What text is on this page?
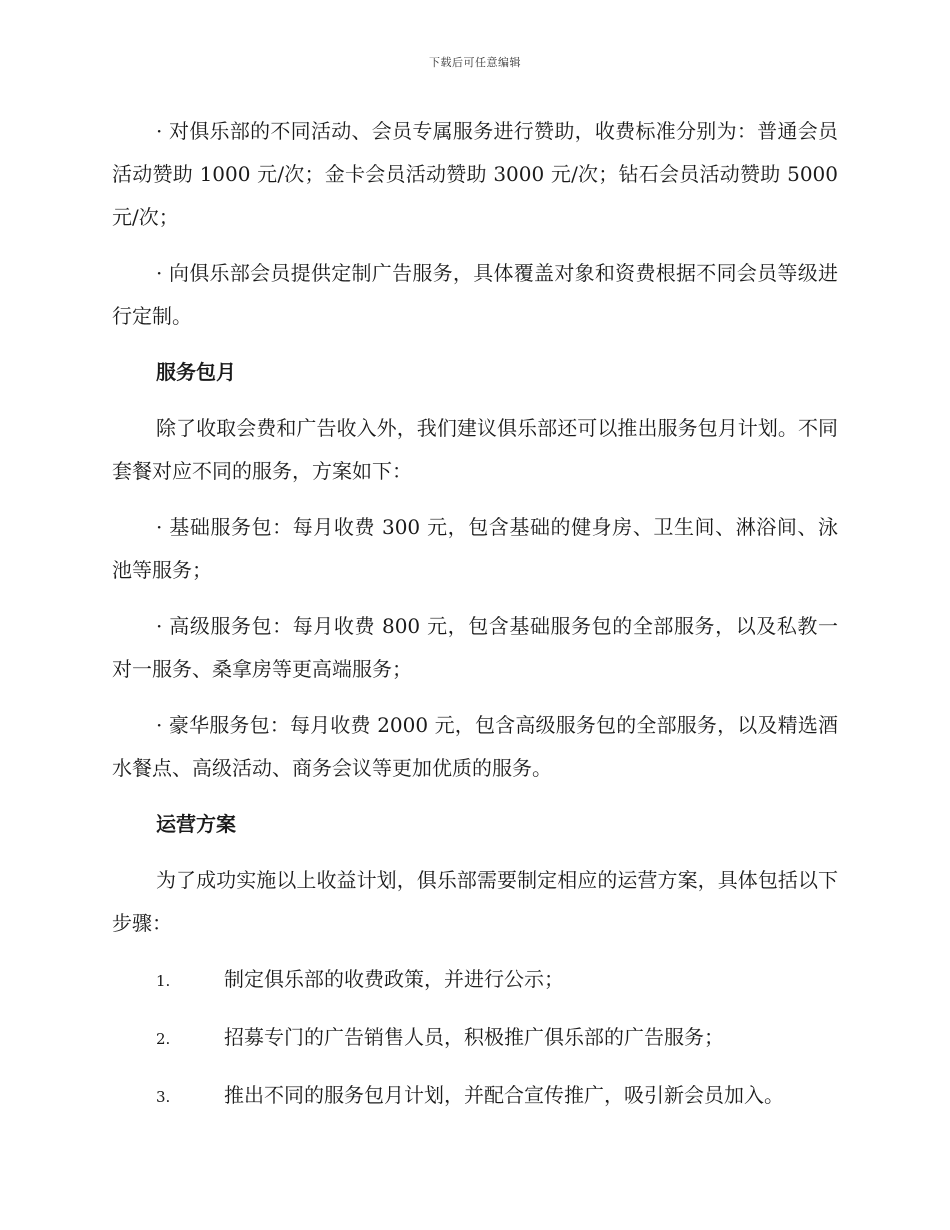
下载后可任意编辑

· 对俱乐部的不同活动、会员专属服务进行赞助，收费标准分别为：普通会员活动赞助 1000 元/次；金卡会员活动赞助 3000 元/次；钻石会员活动赞助 5000 元/次；

· 向俱乐部会员提供定制广告服务，具体覆盖对象和资费根据不同会员等级进行定制。

服务包月

除了收取会费和广告收入外，我们建议俱乐部还可以推出服务包月计划。不同套餐对应不同的服务，方案如下：

· 基础服务包：每月收费 300 元，包含基础的健身房、卫生间、淋浴间、泳池等服务；

· 高级服务包：每月收费 800 元，包含基础服务包的全部服务，以及私教一对一服务、桑拿房等更高端服务；

· 豪华服务包：每月收费 2000 元，包含高级服务包的全部服务，以及精选酒水餐点、高级活动、商务会议等更加优质的服务。

运营方案

为了成功实施以上收益计划，俱乐部需要制定相应的运营方案，具体包括以下步骤：

1.	制定俱乐部的收费政策，并进行公示；
2.	招募专门的广告销售人员，积极推广俱乐部的广告服务；
3.	推出不同的服务包月计划，并配合宣传推广，吸引新会员加入。
